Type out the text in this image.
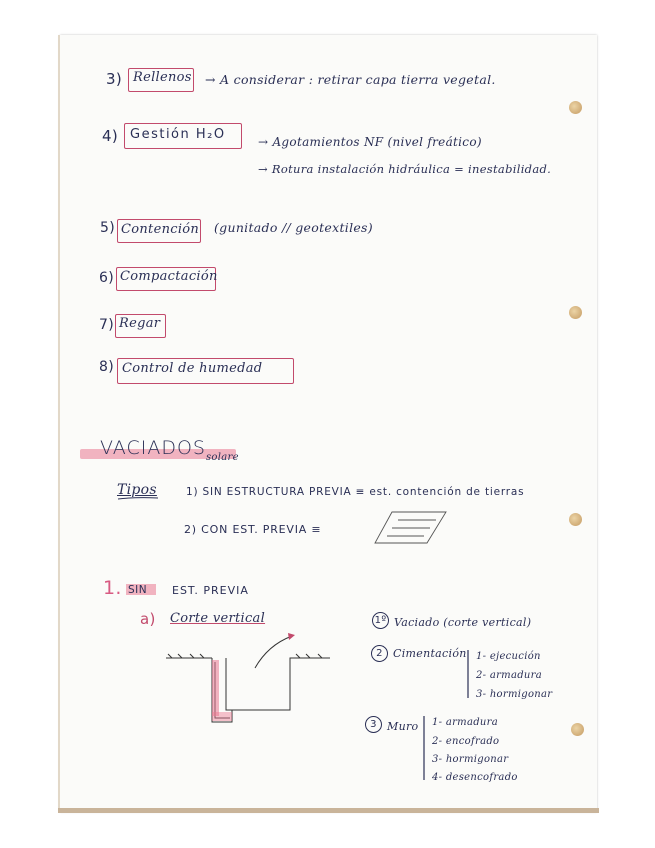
3) Rellenos → A considerar : retirar capa tierra vegetal.
4) Gestión H₂O	→ Agotamientos NF (nivel freático)
→ Rotura instalación hidráulica = inestabilidad.
5) Contención (gunitado // geotextiles)
6) Compactación
7) Regar
8) Control de humedad
VACIADOS solare
Tipos	1) SIN ESTRUCTURA PREVIA ≡ est. contención de tierras
2) CON EST. PREVIA ≡
1. SIN EST. PREVIA
a) Corte vertical	1º Vaciado (corte vertical)
2 Cimentación 1- ejecución
2- armadura
3- hormigonar
3 Muro 1- armadura
2- encofrado
3- hormigonar
4- desencofrado
